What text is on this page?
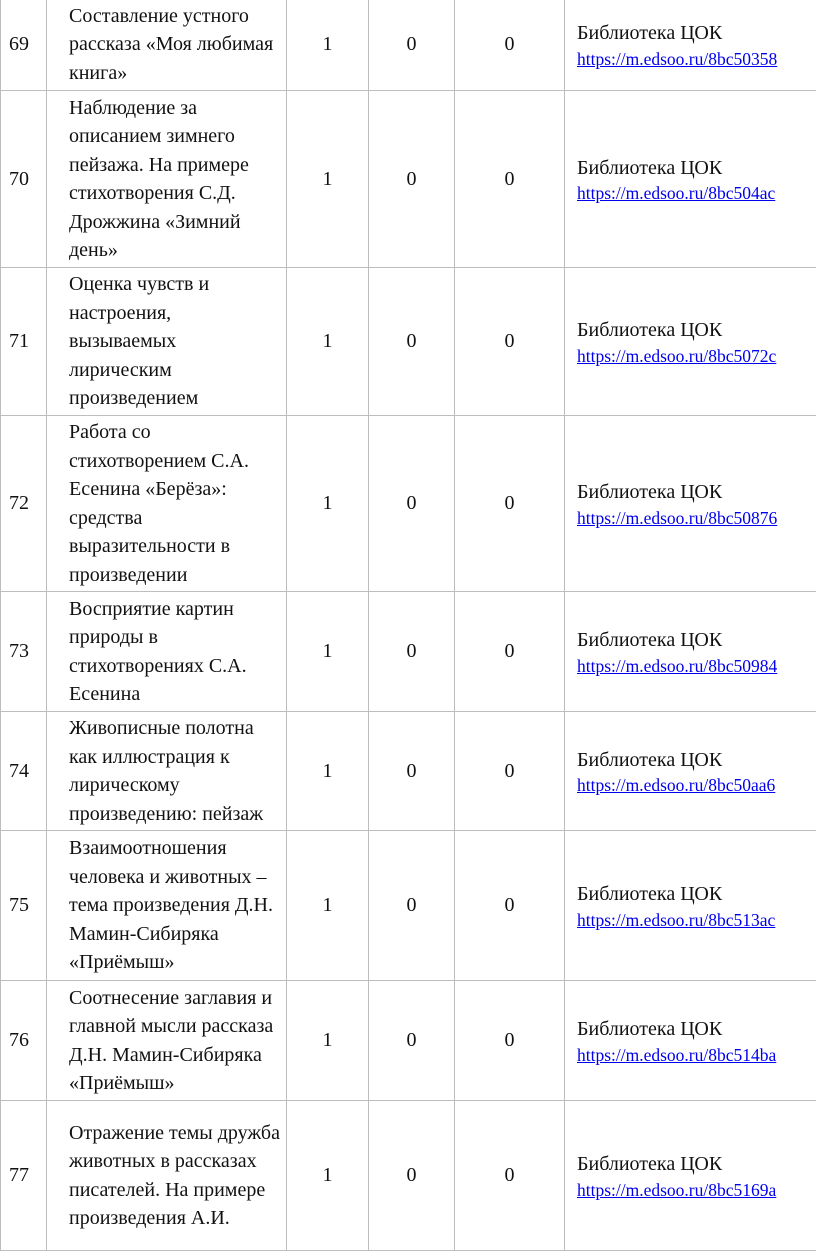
69	Составление устного рассказа «Моя любимая книга»	1	0	0	Библиотека ЦОК
https://m.edsoo.ru/8bc50358

70	Наблюдение за описанием зимнего пейзажа. На примере стихотворения С.Д. Дрожжина «Зимний день»	1	0	0	Библиотека ЦОК
https://m.edsoo.ru/8bc504ac

71	Оценка чувств и настроения, вызываемых лирическим произведением	1	0	0	Библиотека ЦОК
https://m.edsoo.ru/8bc5072c

72	Работа со стихотворением С.А. Есенина «Берёза»: средства выразительности в произведении	1	0	0	Библиотека ЦОК
https://m.edsoo.ru/8bc50876

73	Восприятие картин природы в стихотворениях С.А. Есенина	1	0	0	Библиотека ЦОК
https://m.edsoo.ru/8bc50984

74	Живописные полотна как иллюстрация к лирическому произведению: пейзаж	1	0	0	Библиотека ЦОК
https://m.edsoo.ru/8bc50aa6

75	Взаимоотношения человека и животных – тема произведения Д.Н. Мамин-Сибиряка «Приёмыш»	1	0	0	Библиотека ЦОК
https://m.edsoo.ru/8bc513ac

76	Соотнесение заглавия и главной мысли рассказа Д.Н. Мамин-Сибиряка «Приёмыш»	1	0	0	Библиотека ЦОК
https://m.edsoo.ru/8bc514ba

77	Отражение темы дружба животных в рассказах писателей. На примере произведения А.И.	1	0	0	Библиотека ЦОК
https://m.edsoo.ru/8bc5169a
